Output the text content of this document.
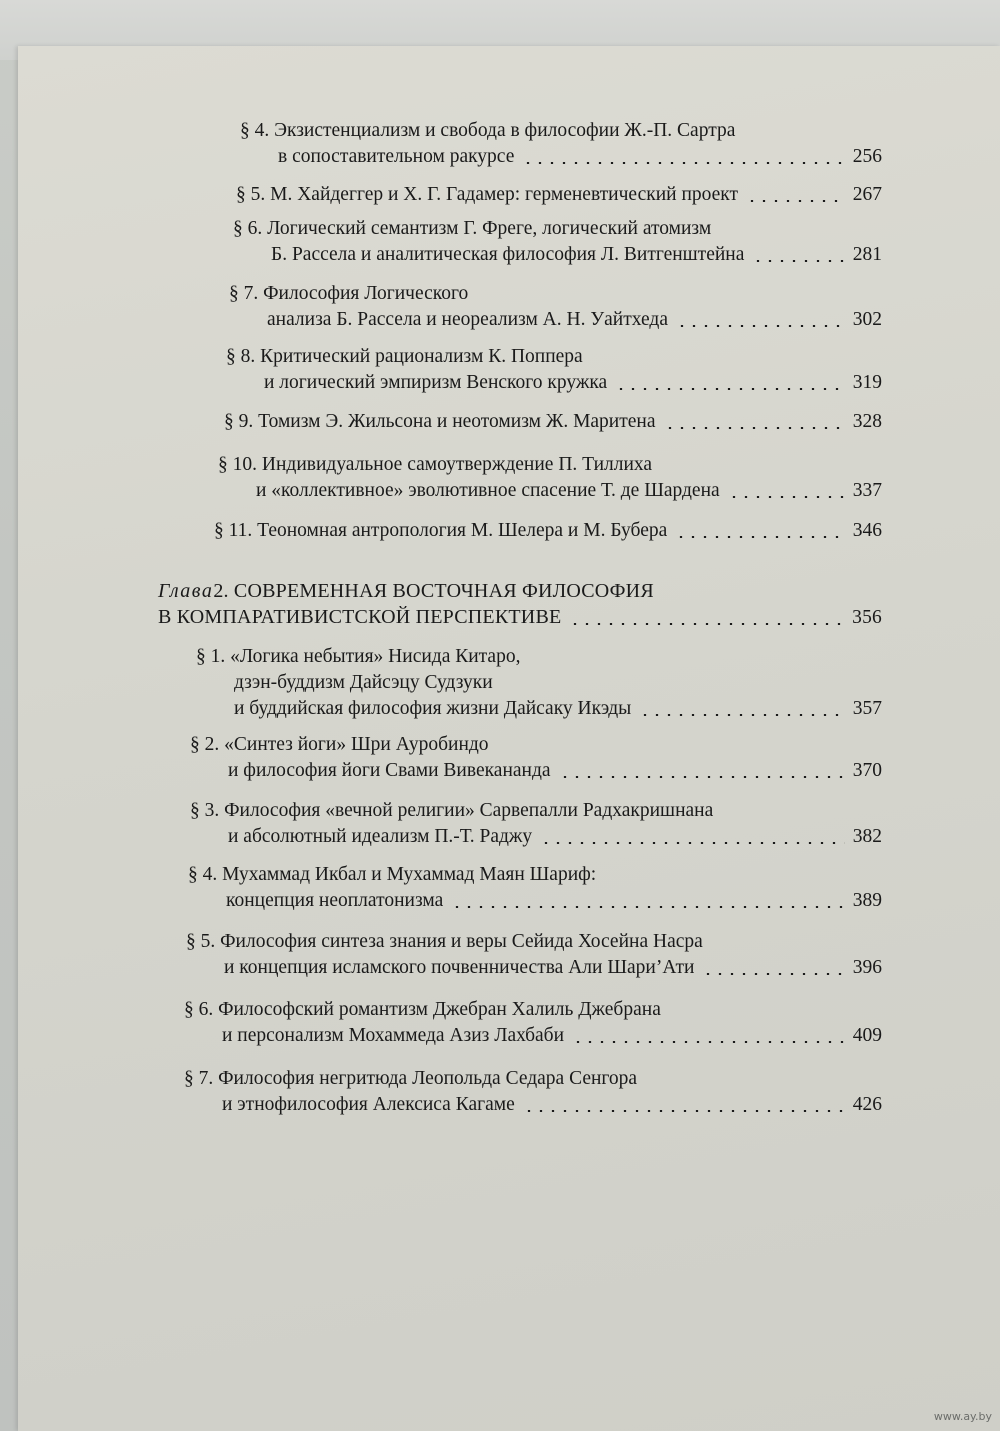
§ 4. Экзистенциализм и свобода в философии Ж.-П. Сартра
в сопоставительном ракурсе	256
§ 5. М. Хайдеггер и Х. Г. Гадамер: герменевтический проект	267
§ 6. Логический семантизм Г. Фреге, логический атомизм
Б. Рассела и аналитическая философия Л. Витгенштейна	281
§ 7. Философия Логического
анализа Б. Рассела и неореализм А. Н. Уайтхеда	302
§ 8. Критический рационализм К. Поппера
и логический эмпиризм Венского кружка	319
§ 9. Томизм Э. Жильсона и неотомизм Ж. Маритена	328
§ 10. Индивидуальное самоутверждение П. Тиллиха
и «коллективное» эволютивное спасение Т. де Шардена	337
§ 11. Теономная антропология М. Шелера и М. Бубера	346
Глава 2. СОВРЕМЕННАЯ ВОСТОЧНАЯ ФИЛОСОФИЯ
В КОМПАРАТИВИСТСКОЙ ПЕРСПЕКТИВЕ	356
§ 1. «Логика небытия» Нисида Китаро,
дзэн-буддизм Дайсэцу Судзуки
и буддийская философия жизни Дайсаку Икэды	357
§ 2. «Синтез йоги» Шри Ауробиндо
и философия йоги Свами Вивекананда	370
§ 3. Философия «вечной религии» Сарвепалли Радхакришнана
и абсолютный идеализм П.-Т. Раджу	382
§ 4. Мухаммад Икбал и Мухаммад Маян Шариф:
концепция неоплатонизма	389
§ 5. Философия синтеза знания и веры Сейида Хосейна Насра
и концепция исламского почвенничества Али Шари’Ати	396
§ 6. Философский романтизм Джебран Халиль Джебрана
и персонализм Мохаммеда Азиз Лахбаби	409
§ 7. Философия негритюда Леопольда Седара Сенгора
и этнофилософия Алексиса Кагаме	426
www.ay.by
